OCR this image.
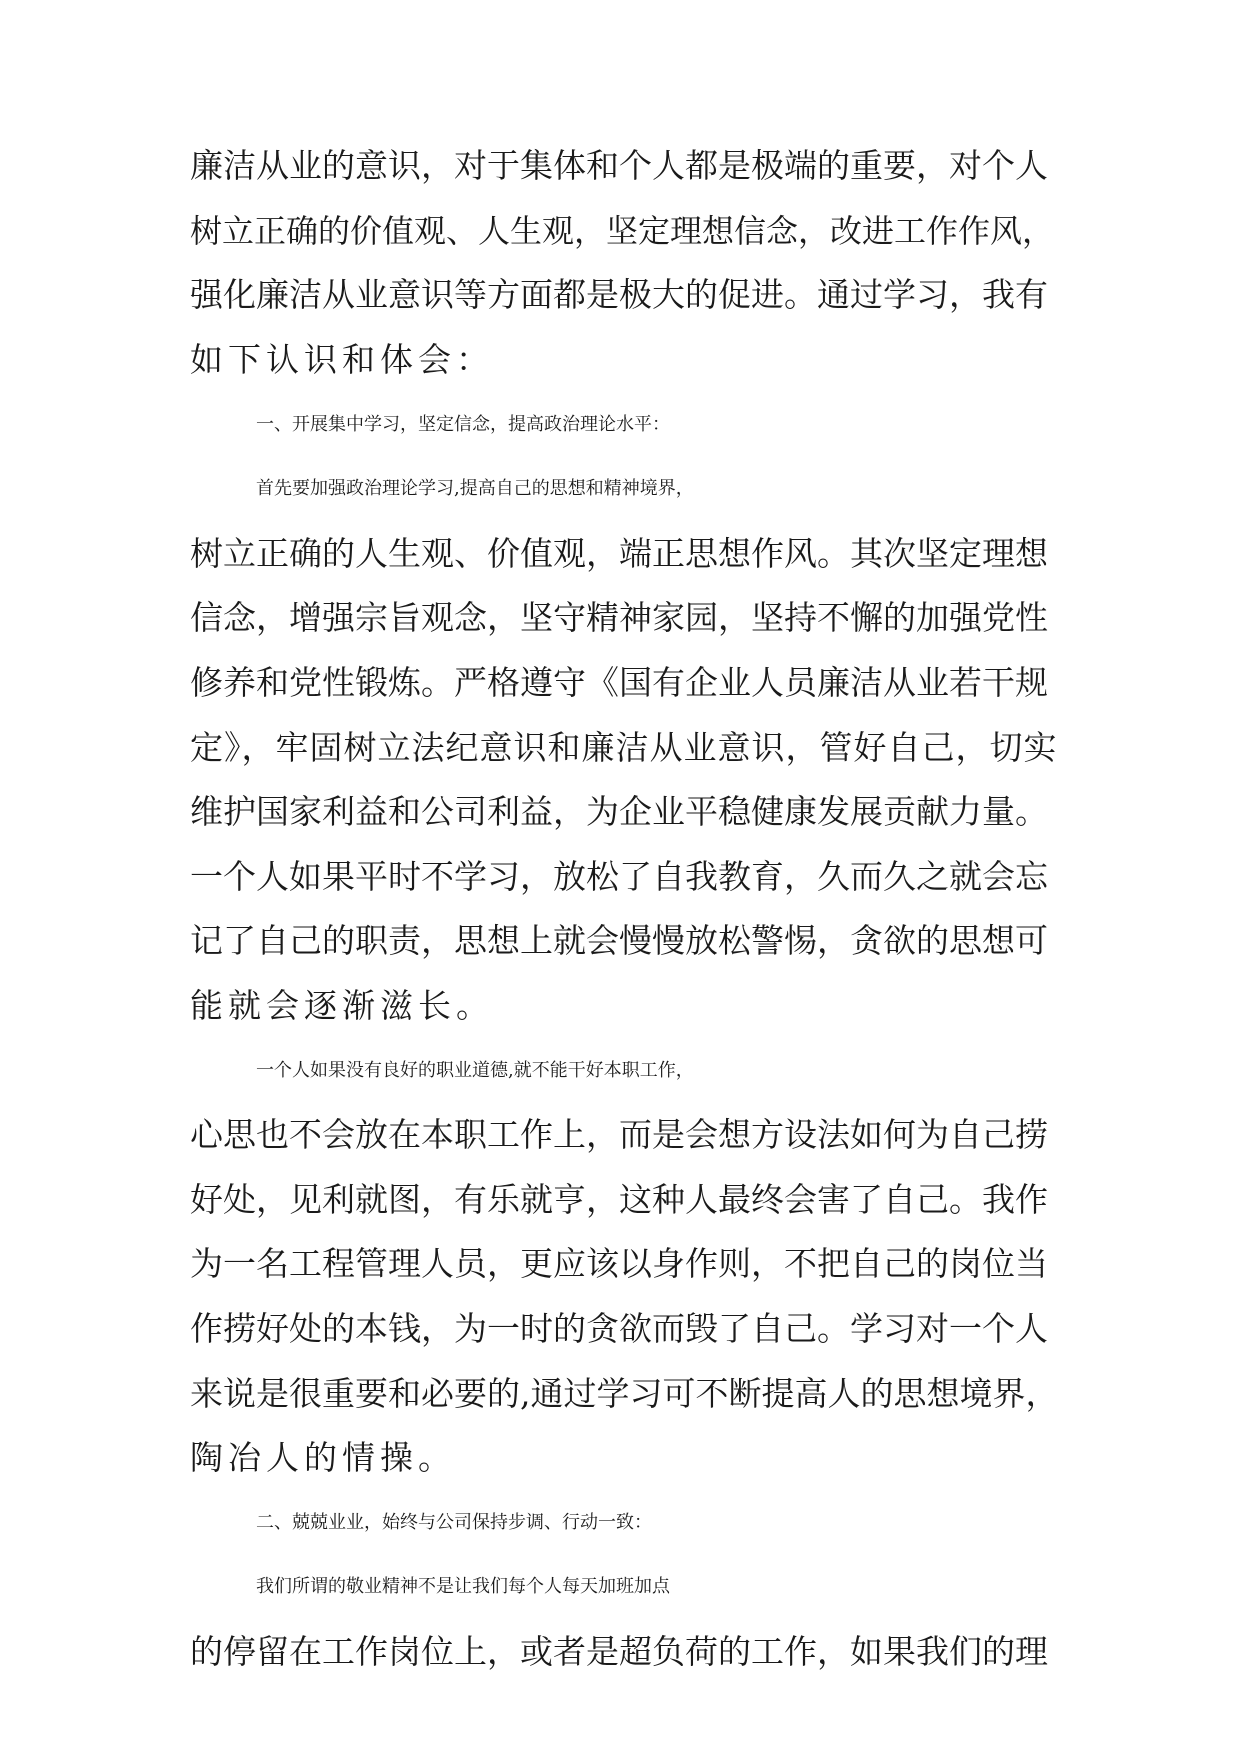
廉洁从业的意识，对于集体和个人都是极端的重要，对个人
树立正确的价值观、人生观，坚定理想信念，改进工作作风，
强化廉洁从业意识等方面都是极大的促进。通过学习，我有
如下认识和体会：
一、开展集中学习，坚定信念，提高政治理论水平：
首先要加强政治理论学习,提高自己的思想和精神境界，
树立正确的人生观、价值观，端正思想作风。其次坚定理想
信念，增强宗旨观念，坚守精神家园，坚持不懈的加强党性
修养和党性锻炼。严格遵守《国有企业人员廉洁从业若干规
定》，牢固树立法纪意识和廉洁从业意识，管好自己，切实
维护国家利益和公司利益，为企业平稳健康发展贡献力量。
一个人如果平时不学习，放松了自我教育，久而久之就会忘
记了自己的职责，思想上就会慢慢放松警惕，贪欲的思想可
能就会逐渐滋长。
一个人如果没有良好的职业道德,就不能干好本职工作，
心思也不会放在本职工作上，而是会想方设法如何为自己捞
好处，见利就图，有乐就亨，这种人最终会害了自己。我作
为一名工程管理人员，更应该以身作则，不把自己的岗位当
作捞好处的本钱，为一时的贪欲而毁了自己。学习对一个人
来说是很重要和必要的,通过学习可不断提高人的思想境界，
陶冶人的情操。
二、兢兢业业，始终与公司保持步调、行动一致：
我们所谓的敬业精神不是让我们每个人每天加班加点
的停留在工作岗位上，或者是超负荷的工作，如果我们的理
